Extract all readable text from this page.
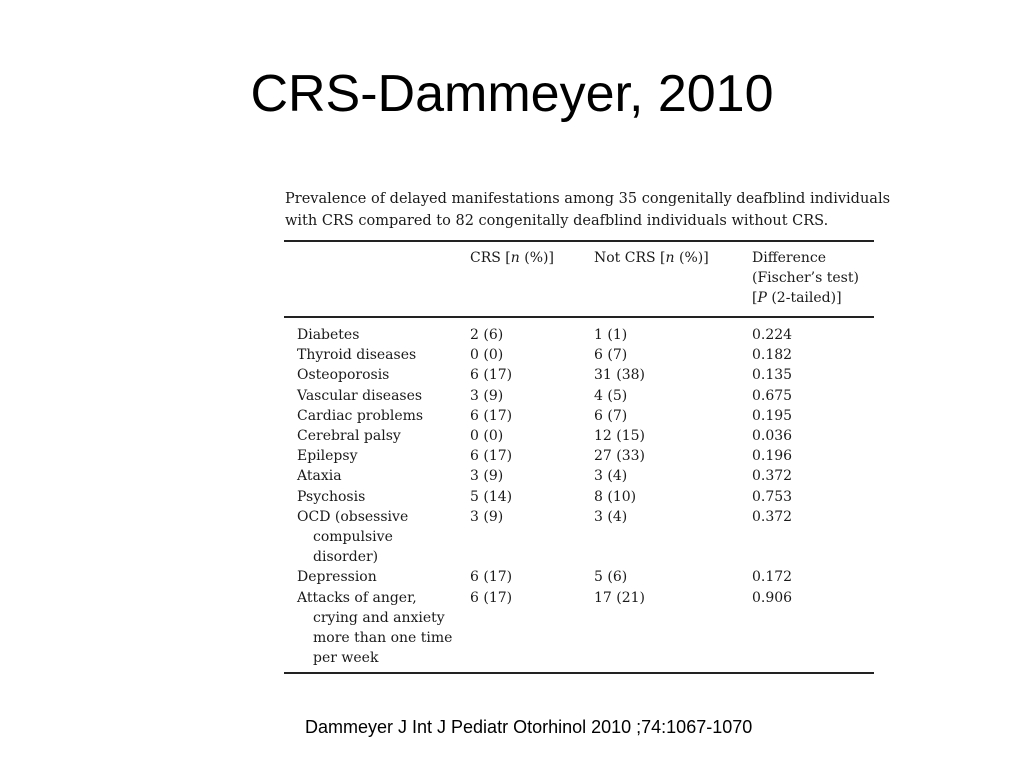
CRS-Dammeyer, 2010

Prevalence of delayed manifestations among 35 congenitally deafblind individuals
with CRS compared to 82 congenitally deafblind individuals without CRS.

	CRS [n (%)]	Not CRS [n (%)]	Difference
(Fischer’s test)
[P (2-tailed)]

Diabetes	2 (6)	1 (1)	0.224

Thyroid diseases	0 (0)	6 (7)	0.182

Osteoporosis	6 (17)	31 (38)	0.135

Vascular diseases	3 (9)	4 (5)	0.675

Cardiac problems	6 (17)	6 (7)	0.195

Cerebral palsy	0 (0)	12 (15)	0.036

Epilepsy	6 (17)	27 (33)	0.196

Ataxia	3 (9)	3 (4)	0.372

Psychosis	5 (14)	8 (10)	0.753

OCD (obsessive compulsive disorder)	3 (9)	3 (4)	0.372

Depression	6 (17)	5 (6)	0.172

Attacks of anger, crying and anxiety more than one time per week	6 (17)	17 (21)	0.906
Dammeyer J Int J Pediatr Otorhinol 2010 ;74:1067-1070
